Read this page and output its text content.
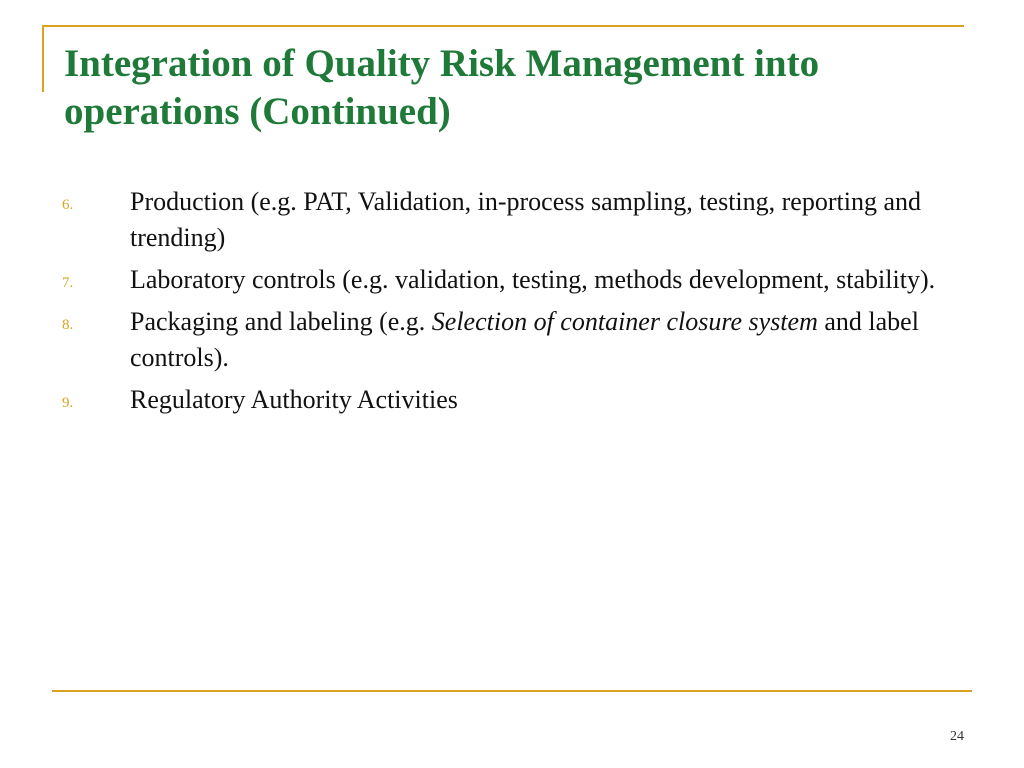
Integration of Quality Risk Management into operations (Continued)
6. Production (e.g. PAT, Validation, in-process sampling, testing, reporting and trending)
7. Laboratory controls (e.g. validation, testing, methods development, stability).
8. Packaging and labeling (e.g. Selection of container closure system and label controls).
9. Regulatory Authority Activities
24
